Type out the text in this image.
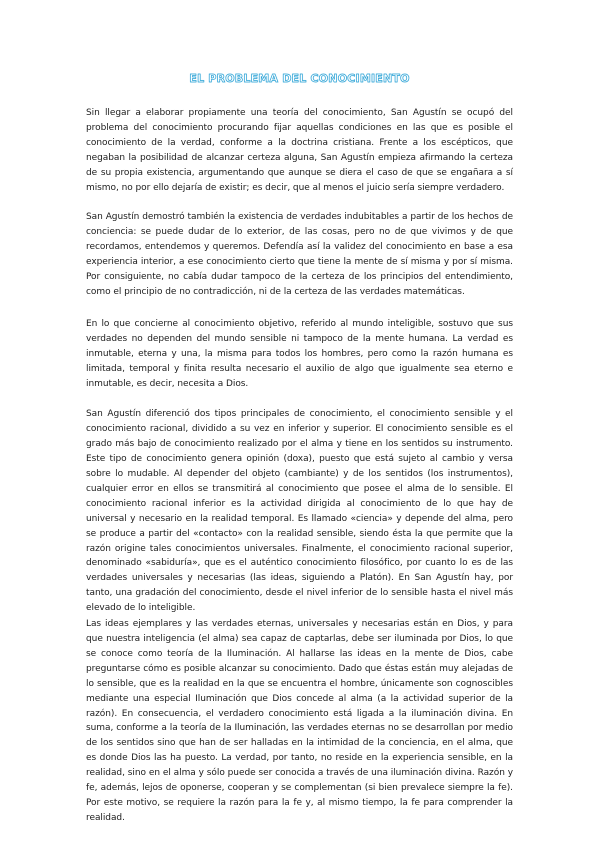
EL PROBLEMA DEL CONOCIMIENTO

Sin llegar a elaborar propiamente una teoría del conocimiento, San Agustín se ocupó del problema del conocimiento procurando fijar aquellas condiciones en las que es posible el conocimiento de la verdad, conforme a la doctrina cristiana. Frente a los escépticos, que negaban la posibilidad de alcanzar certeza alguna, San Agustín empieza afirmando la certeza de su propia existencia, argumentando que aunque se diera el caso de que se engañara a sí mismo, no por ello dejaría de existir; es decir, que al menos el juicio sería siempre verdadero.

San Agustín demostró también la existencia de verdades indubitables a partir de los hechos de conciencia: se puede dudar de lo exterior, de las cosas, pero no de que vivimos y de que recordamos, entendemos y queremos. Defendía así la validez del conocimiento en base a esa experiencia interior, a ese conocimiento cierto que tiene la mente de sí misma y por sí misma. Por consiguiente, no cabía dudar tampoco de la certeza de los principios del entendimiento, como el principio de no contradicción, ni de la certeza de las verdades matemáticas.

En lo que concierne al conocimiento objetivo, referido al mundo inteligible, sostuvo que sus verdades no dependen del mundo sensible ni tampoco de la mente humana. La verdad es inmutable, eterna y una, la misma para todos los hombres, pero como la razón humana es limitada, temporal y finita resulta necesario el auxilio de algo que igualmente sea eterno e inmutable, es decir, necesita a Dios.

San Agustín diferenció dos tipos principales de conocimiento, el conocimiento sensible y el conocimiento racional, dividido a su vez en inferior y superior. El conocimiento sensible es el grado más bajo de conocimiento realizado por el alma y tiene en los sentidos su instrumento. Este tipo de conocimiento genera opinión (doxa), puesto que está sujeto al cambio y versa sobre lo mudable. Al depender del objeto (cambiante) y de los sentidos (los instrumentos), cualquier error en ellos se transmitirá al conocimiento que posee el alma de lo sensible. El conocimiento racional inferior es la actividad dirigida al conocimiento de lo que hay de universal y necesario en la realidad temporal. Es llamado «ciencia» y depende del alma, pero se produce a partir del «contacto» con la realidad sensible, siendo ésta la que permite que la razón origine tales conocimientos universales. Finalmente, el conocimiento racional superior, denominado «sabiduría», que es el auténtico conocimiento filosófico, por cuanto lo es de las verdades universales y necesarias (las ideas, siguiendo a Platón). En San Agustín hay, por tanto, una gradación del conocimiento, desde el nivel inferior de lo sensible hasta el nivel más elevado de lo inteligible.

Las ideas ejemplares y las verdades eternas, universales y necesarias están en Dios, y para que nuestra inteligencia (el alma) sea capaz de captarlas, debe ser iluminada por Dios, lo que se conoce como teoría de la Iluminación. Al hallarse las ideas en la mente de Dios, cabe preguntarse cómo es posible alcanzar su conocimiento. Dado que éstas están muy alejadas de lo sensible, que es la realidad en la que se encuentra el hombre, únicamente son cognoscibles mediante una especial Iluminación que Dios concede al alma (a la actividad superior de la razón). En consecuencia, el verdadero conocimiento está ligada a la iluminación divina. En suma, conforme a la teoría de la Iluminación, las verdades eternas no se desarrollan por medio de los sentidos sino que han de ser halladas en la intimidad de la conciencia, en el alma, que es donde Dios las ha puesto. La verdad, por tanto, no reside en la experiencia sensible, en la realidad, sino en el alma y sólo puede ser conocida a través de una iluminación divina. Razón y fe, además, lejos de oponerse, cooperan y se complementan (si bien prevalece siempre la fe). Por este motivo, se requiere la razón para la fe y, al mismo tiempo, la fe para comprender la realidad.
